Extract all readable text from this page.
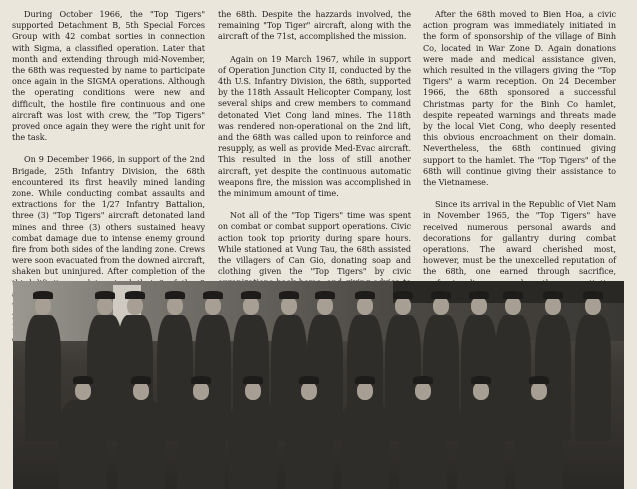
During October 1966, the "Top Tigers" supported Detachment B, 5th Special Forces Group with 42 combat sorties in connection with Sigma, a classified operation. Later that month and extending through mid-November, the 68th was requested by name to participate once again in the SIGMA operations. Although the operating conditions were new and difficult, the hostile fire continuous and one aircraft was lost with crew, the "Top Tigers" proved once again they were the right unit for the task.

On 9 December 1966, in support of the 2nd Brigade, 25th Infantry Division, the 68th encountered its first heavily mined landing zone. While conducting combat assaults and extractions for the 1/27 Infantry Battalion, three (3) "Top Tigers" aircraft detonated land mines and three (3) others sustained heavy combat damage due to intense enemy ground fire from both sides of the landing zone. Crews were soon evacuated from the downed aircraft, shaken but uninjured. After completion of the

the 68th. Despite the hazzards involved, the remaining "Top Tiger" aircraft, along with the aircraft of the 71st, accomplished the mission.

Again on 19 March 1967, while in support of Operation Junction City II, conducted by the 4th U.S. Infantry Division, the 68th, supported by the 118th Assault Helicopter Company, lost several ships and crew members to command detonated Viet Cong land mines. The 118th was rendered non-operational on the 2nd lift, and the 68th was called upon to reinforce and resupply, as well as provide Med-Evac aircraft. This resulted in the loss of still another aircraft, yet despite the continuous automatic weapons fire, the mission was accomplished in the minimum amount of time.

Not all of the "Top Tigers" time was spent on combat or combat support operations. Civic action took top priority during spare hours. While stationed at Vung Tau, the 68th assisted the villagers of Can Gio, donating soap and clothing given the "Top Tigers" by civic

After the 68th moved to Bien Hoa, a civic action program was immediately initiated in the form of sponsorship of the village of Binh Co, located in War Zone D. Again donations were made and medical assistance given, which resulted in the villagers giving the "Top Tigers" a warm reception. On 24 December 1966, the 68th sponsored a successful Christmas party for the Binh Co hamlet, despite repeated warnings and threats made by the local Viet Cong, who deeply resented this obvious encroachment on their domain. Nevertheless, the 68th continued giving support to the hamlet. The "Top Tigers" of the 68th will continue giving their assistance to the Vietnamese.

Since its arrival in the Republic of Viet Nam in November 1965, the "Top Tigers" have received numerous personal awards and decorations for gallantry during combat operations. The award cherished most, however, must be the unexcelled reputation of the 68th, one earned through sacrifice,
